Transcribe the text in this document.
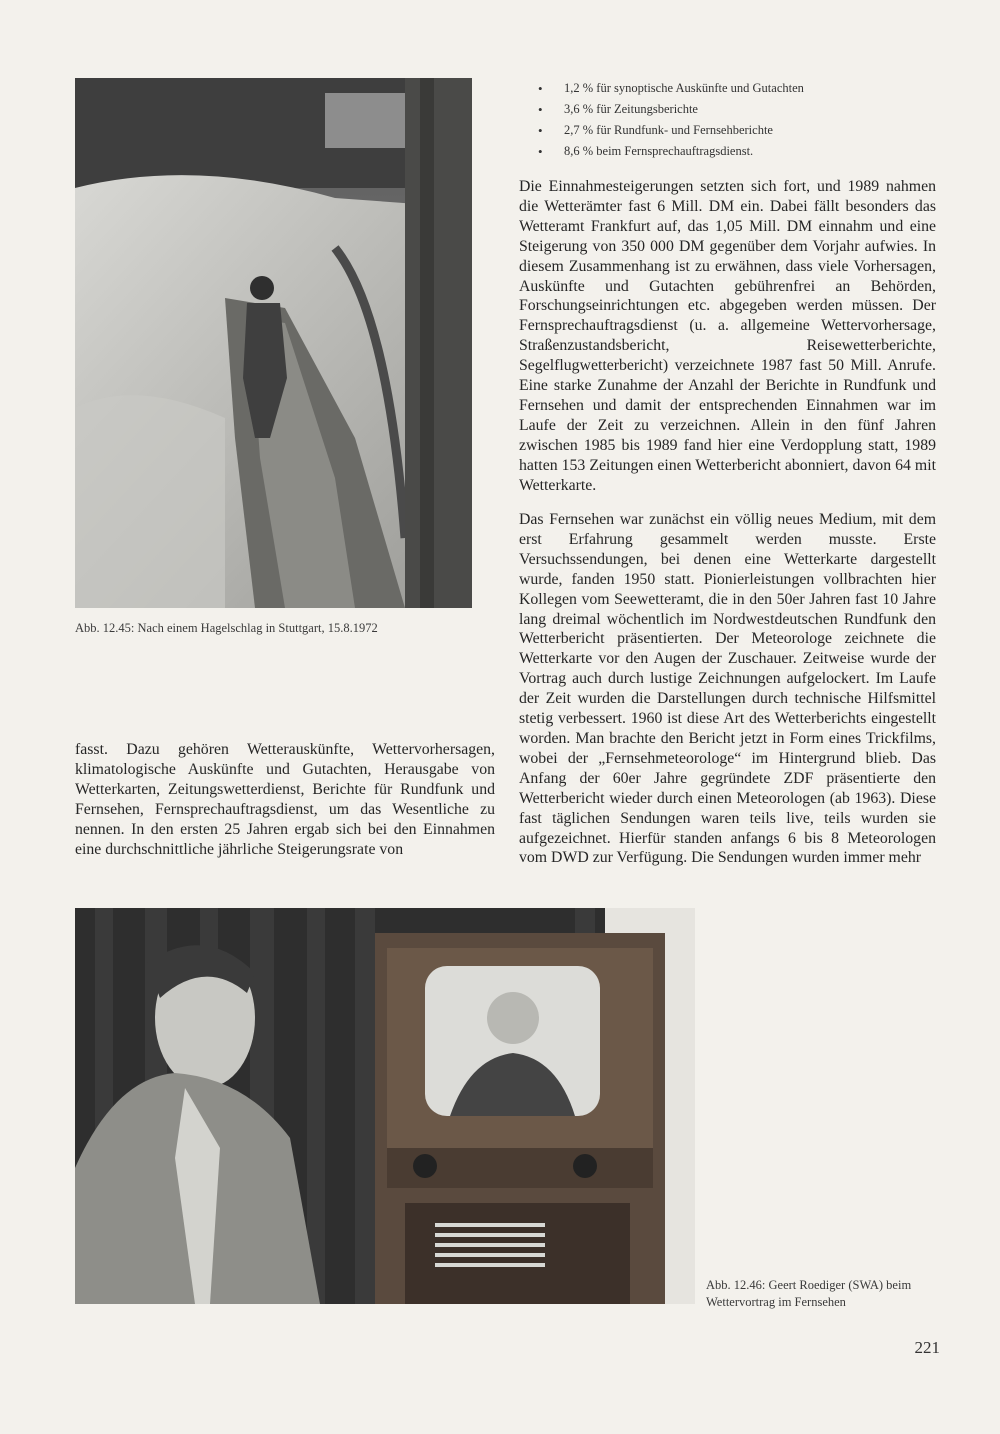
Abb. 12.45: Nach einem Hagelschlag in Stuttgart, 15.8.1972

• 1,2 % für synoptische Auskünfte und Gutachten
• 3,6 % für Zeitungsberichte
• 2,7 % für Rundfunk- und Fernsehberichte
• 8,6 % beim Fernsprechauftragsdienst.

Die Einnahmesteigerungen setzten sich fort, und 1989 nahmen die Wetterämter fast 6 Mill. DM ein. Dabei fällt besonders das Wetteramt Frankfurt auf, das 1,05 Mill. DM einnahm und eine Steigerung von 350 000 DM gegenüber dem Vorjahr aufwies. In diesem Zusammenhang ist zu erwähnen, dass viele Vorhersagen, Auskünfte und Gutachten gebührenfrei an Behörden, Forschungseinrichtungen etc. abgegeben werden müssen. Der Fernsprechauftragsdienst (u. a. allgemeine Wettervorhersage, Straßenzustandsbericht, Reisewetterberichte, Segelflugwetterbericht) verzeichnete 1987 fast 50 Mill. Anrufe. Eine starke Zunahme der Anzahl der Berichte in Rundfunk und Fernsehen und damit der entsprechenden Einnahmen war im Laufe der Zeit zu verzeichnen. Allein in den fünf Jahren zwischen 1985 bis 1989 fand hier eine Verdopplung statt, 1989 hatten 153 Zeitungen einen Wetterbericht abonniert, davon 64 mit Wetterkarte.

Das Fernsehen war zunächst ein völlig neues Medium, mit dem erst Erfahrung gesammelt werden musste. Erste Versuchssendungen, bei denen eine Wetterkarte dargestellt wurde, fanden 1950 statt. Pionierleistungen vollbrachten hier Kollegen vom Seewetteramt, die in den 50er Jahren fast 10 Jahre lang dreimal wöchentlich im Nordwestdeutschen Rundfunk den Wetterbericht präsentierten. Der Meteorologe zeichnete die Wetterkarte vor den Augen der Zuschauer. Zeitweise wurde der Vortrag auch durch lustige Zeichnungen aufgelockert. Im Laufe der Zeit wurden die Darstellungen durch technische Hilfsmittel stetig verbessert. 1960 ist diese Art des Wetterberichts eingestellt worden. Man brachte den Bericht jetzt in Form eines Trickfilms, wobei der „Fernsehmeteorologe“ im Hintergrund blieb. Das Anfang der 60er Jahre gegründete ZDF präsentierte den Wetterbericht wieder durch einen Meteorologen (ab 1963). Diese fast täglichen Sendungen waren teils live, teils wurden sie aufgezeichnet. Hierfür standen anfangs 6 bis 8 Meteorologen vom DWD zur Verfügung. Die Sendungen wurden immer mehr

fasst. Dazu gehören Wetterauskünfte, Wettervorhersagen, klimatologische Auskünfte und Gutachten, Herausgabe von Wetterkarten, Zeitungswetterdienst, Berichte für Rundfunk und Fernsehen, Fernsprechauftragsdienst, um das Wesentliche zu nennen. In den ersten 25 Jahren ergab sich bei den Einnahmen eine durchschnittliche jährliche Steigerungsrate von

Abb. 12.46: Geert Roediger (SWA) beim Wettervortrag im Fernsehen

221
